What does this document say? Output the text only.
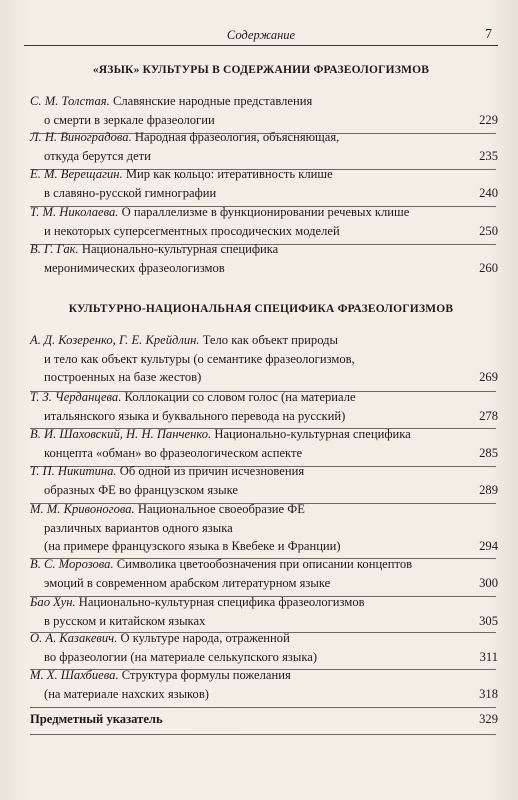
Содержание	7
«ЯЗЫК» КУЛЬТУРЫ В СОДЕРЖАНИИ ФРАЗЕОЛОГИЗМОВ
С. М. Толстая. Славянские народные представления
о смерти в зеркале фразеологии	229
Л. Н. Виноградова. Народная фразеология, объясняющая,
откуда берутся дети	235
Е. М. Верещагин. Мир как кольцо: итеративность клише
в славяно-русской гимнографии	240
Т. М. Николаева. О параллелизме в функционировании речевых клише
и некоторых суперсегментных просодических моделей	250
В. Г. Гак. Национально-культурная специфика
меронимических фразеологизмов	260
КУЛЬТУРНО-НАЦИОНАЛЬНАЯ СПЕЦИФИКА ФРАЗЕОЛОГИЗМОВ
А. Д. Козеренко, Г. Е. Крейдлин. Тело как объект природы
и тело как объект культуры (о семантике фразеологизмов,
построенных на базе жестов)	269
Т. З. Черданцева. Коллокации со словом голос (на материале
итальянского языка и буквального перевода на русский)	278
В. И. Шаховский, Н. Н. Панченко. Национально-культурная специфика
концепта «обман» во фразеологическом аспекте	285
Т. П. Никитина. Об одной из причин исчезновения
образных ФЕ во французском языке	289
М. М. Кривоногова. Национальное своеобразие ФЕ
различных вариантов одного языка
(на примере французского языка в Квебеке и Франции)	294
В. С. Морозова. Символика цветообозначения при описании концептов
эмоций в современном арабском литературном языке	300
Бао Хун. Национально-культурная специфика фразеологизмов
в русском и китайском языках	305
О. А. Казакевич. О культуре народа, отраженной
во фразеологии (на материале селькупского языка)	311
М. Х. Шахбиева. Структура формулы пожелания
(на материале нахских языков)	318
Предметный указатель	329
